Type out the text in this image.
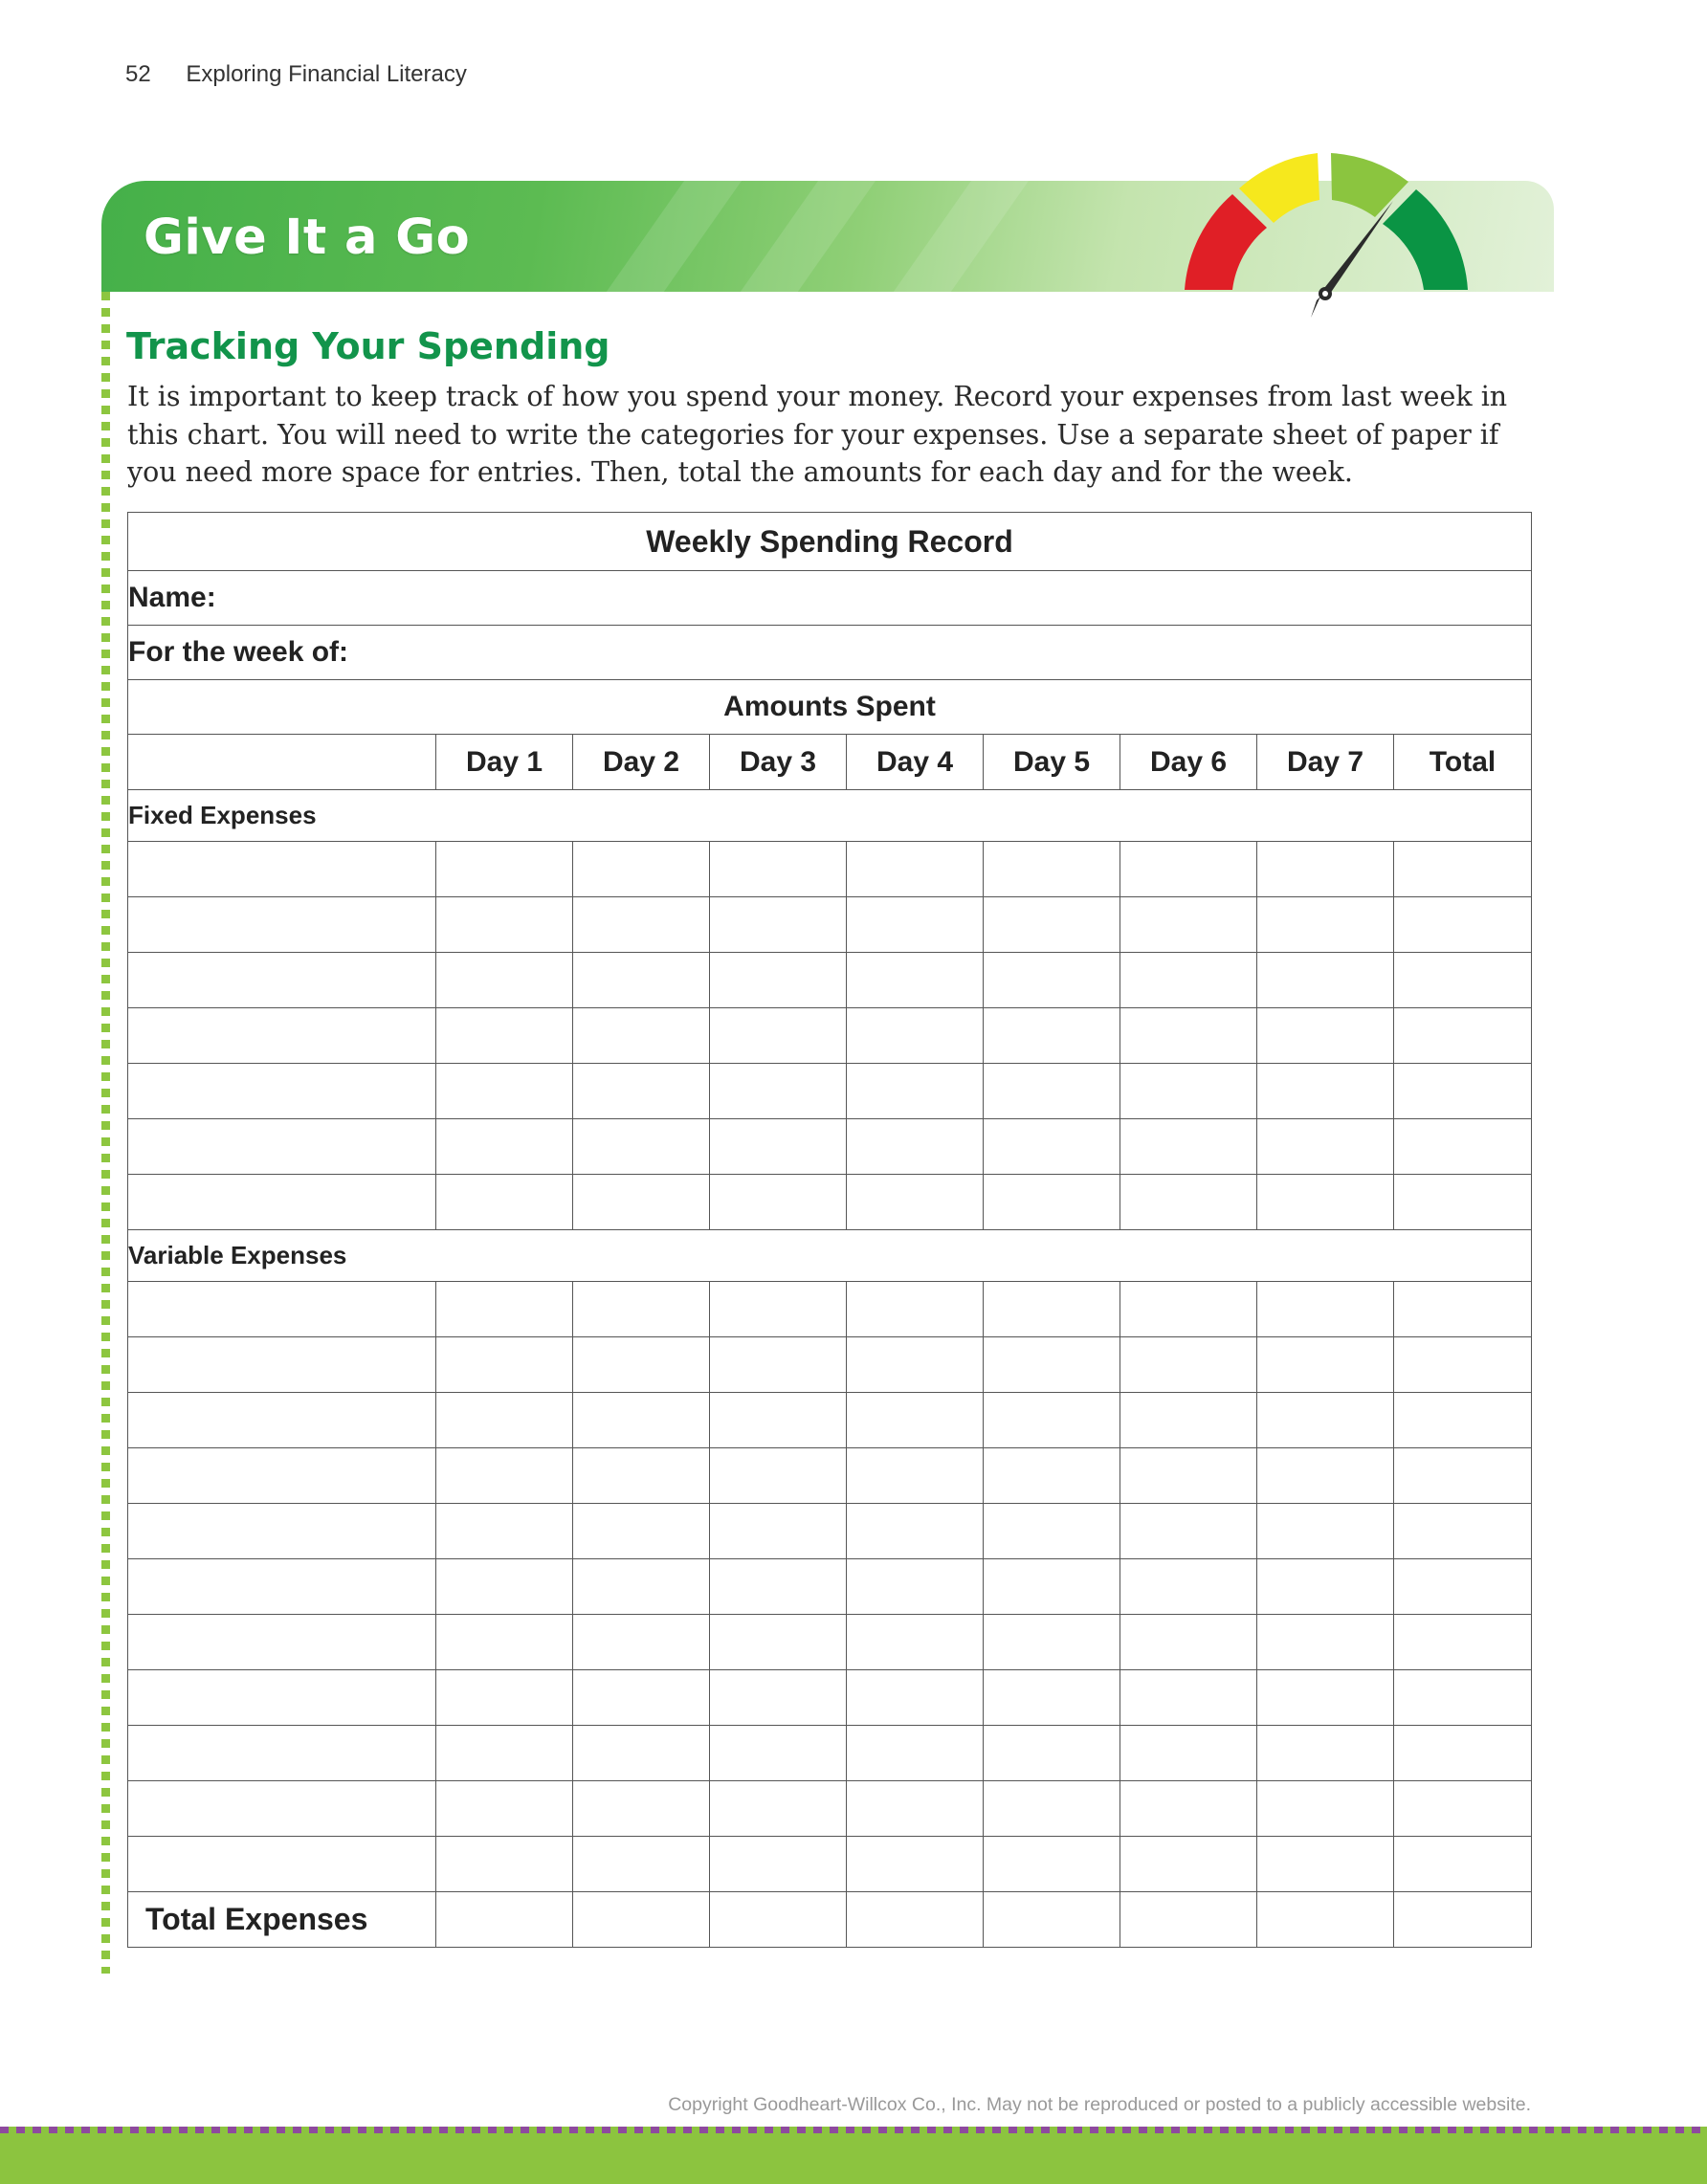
52 Exploring Financial Literacy
Give It a Go
Tracking Your Spending

It is important to keep track of how you spend your money. Record your expenses from last week in this chart. You will need to write the categories for your expenses. Use a separate sheet of paper if you need more space for entries. Then, total the amounts for each day and for the week.

Weekly Spending Record								
Name:								
For the week of:								
Amounts Spent								
	Day 1	Day 2	Day 3	Day 4	Day 5	Day 6	Day 7	Total
Fixed Expenses								

Variable Expenses								

Total Expenses								
Copyright Goodheart-Willcox Co., Inc. May not be reproduced or posted to a publicly accessible website.
